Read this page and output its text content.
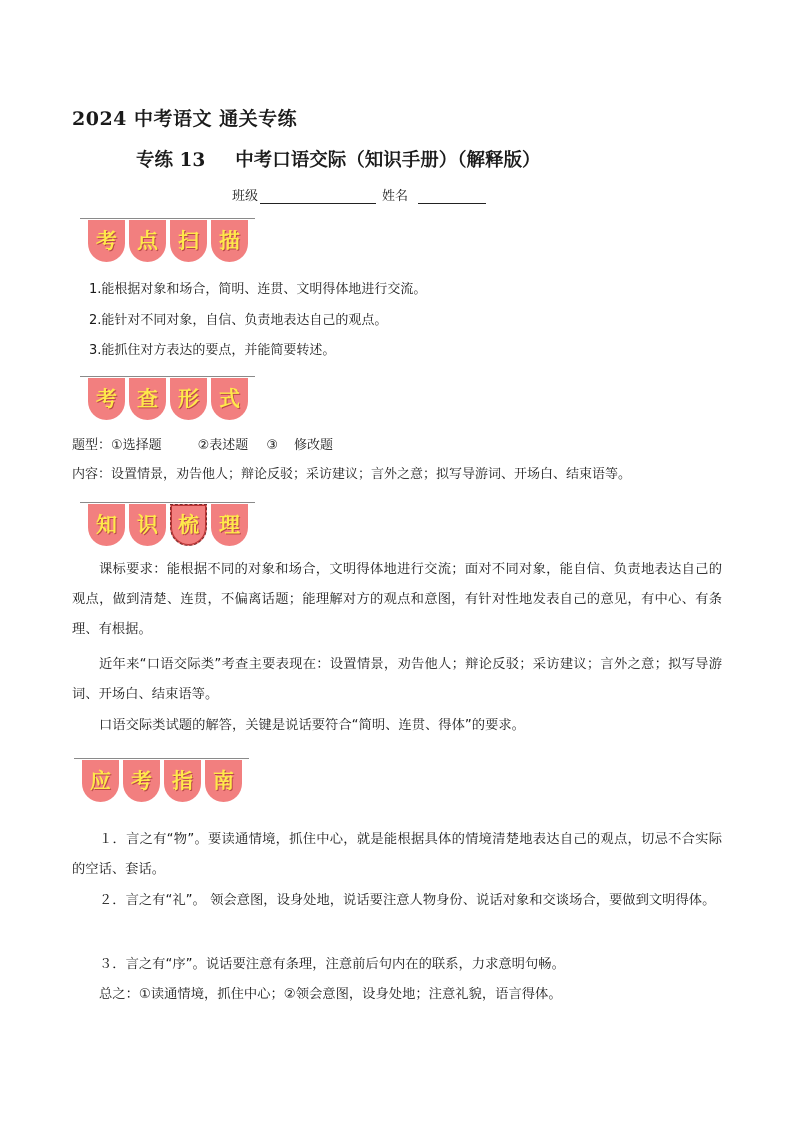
2024 中考语文 通关专练
专练 13 中考口语交际（知识手册）（解释版）
班级	姓名
考 点 扫 描
1.能根据对象和场合，简明、连贯、文明得体地进行交流。
2.能针对不同对象，自信、负责地表达自己的观点。
3.能抓住对方表达的要点，并能简要转述。
考 查 形 式
题型：①选择题	②表述题 ③ 修改题
内容：设置情景，劝告他人；辩论反驳；采访建议；言外之意；拟写导游词、开场白、结束语等。
知 识 梳 理
课标要求：能根据不同的对象和场合，文明得体地进行交流；面对不同对象，能自信、负责地表达自己的观点，做到清楚、连贯，不偏离话题；能理解对方的观点和意图，有针对性地发表自己的意见，有中心、有条理、有根据。
近年来“口语交际类”考查主要表现在：设置情景，劝告他人；辩论反驳；采访建议；言外之意；拟写导游词、开场白、结束语等。
口语交际类试题的解答，关键是说话要符合“简明、连贯、得体”的要求。
应 考 指 南
１．言之有“物”。要读通情境，抓住中心，就是能根据具体的情境清楚地表达自己的观点，切忌不合实际的空话、套话。
２．言之有“礼”。 领会意图，设身处地，说话要注意人物身份、说话对象和交谈场合，要做到文明得体。
３．言之有“序”。说话要注意有条理，注意前后句内在的联系，力求意明句畅。
总之：①读通情境，抓住中心；②领会意图，设身处地；注意礼貌，语言得体。
